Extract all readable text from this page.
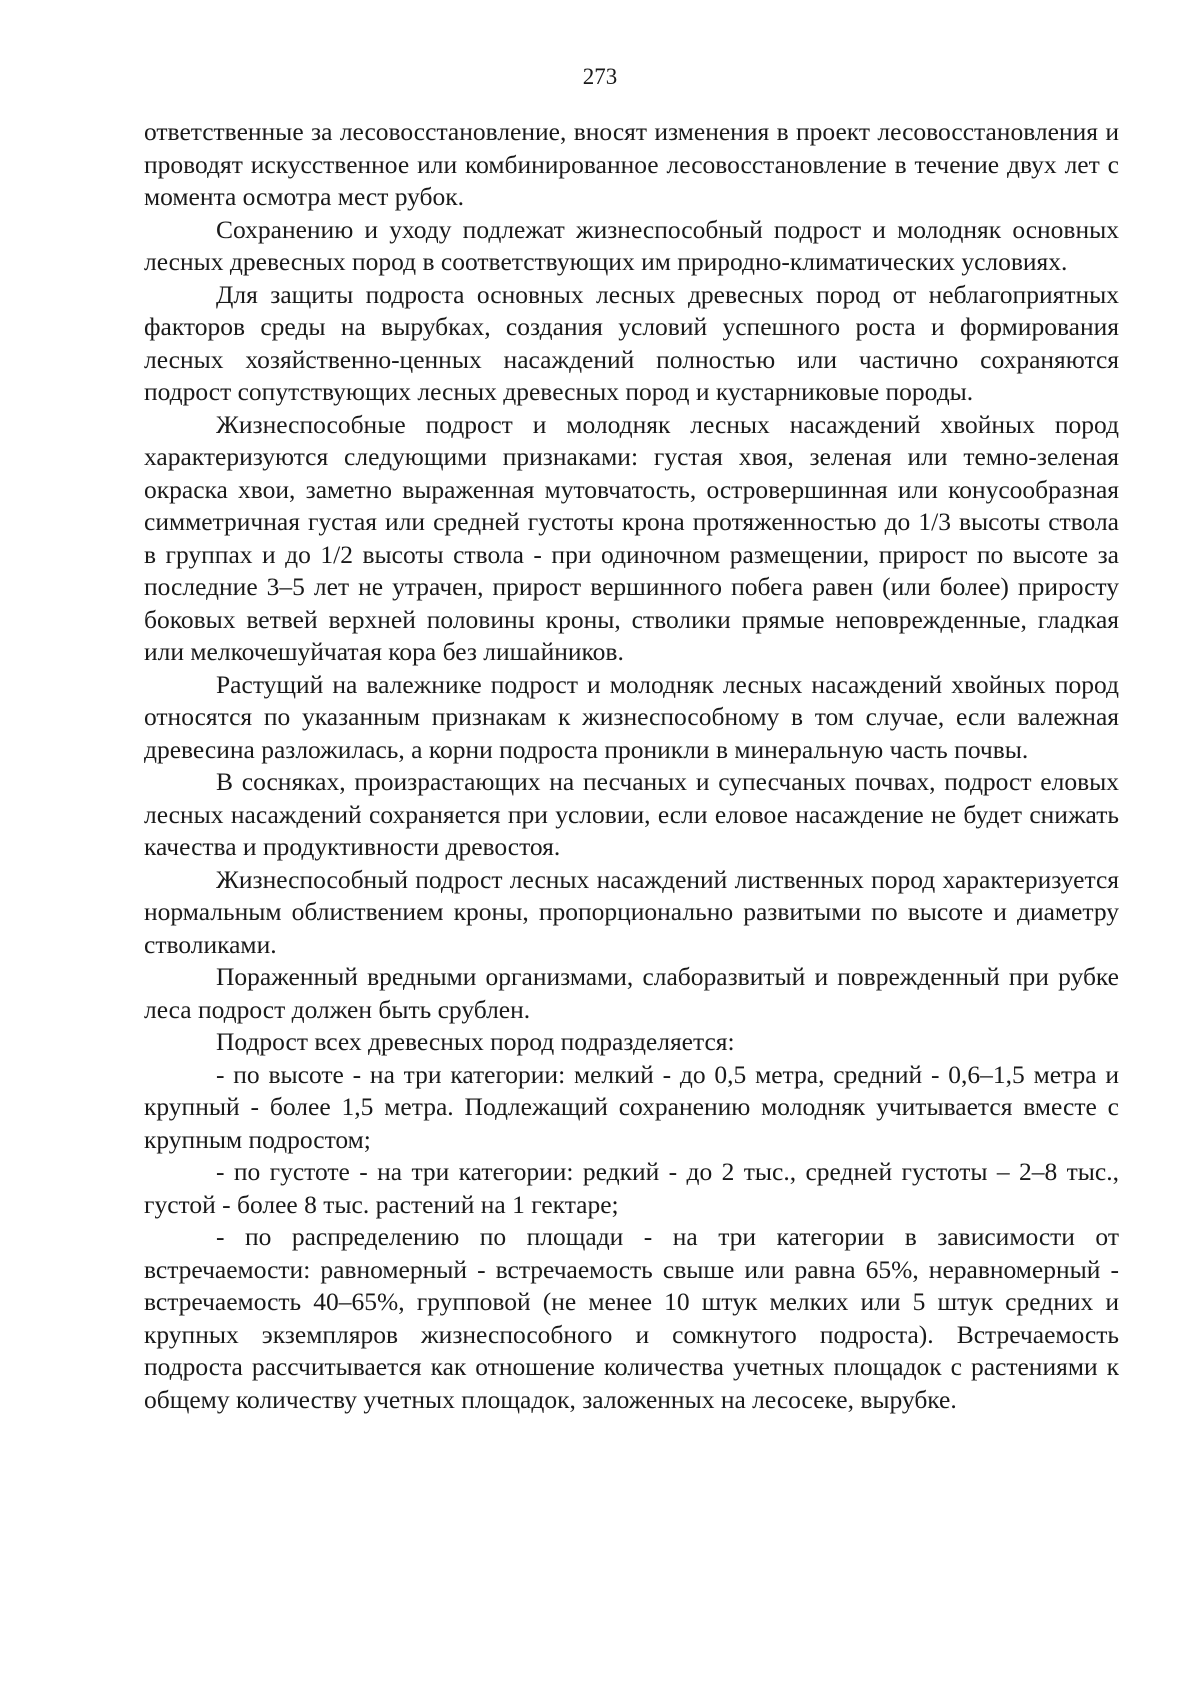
273

ответственные за лесовосстановление, вносят изменения в проект лесовосстановления и проводят искусственное или комбинированное лесовосстановление в течение двух лет с момента осмотра мест рубок.

Сохранению и уходу подлежат жизнеспособный подрост и молодняк основных лесных древесных пород в соответствующих им природно-климатических условиях.

Для защиты подроста основных лесных древесных пород от неблагоприятных факторов среды на вырубках, создания условий успешного роста и формирования лесных хозяйственно-ценных насаждений полностью или частично сохраняются подрост сопутствующих лесных древесных пород и кустарниковые породы.

Жизнеспособные подрост и молодняк лесных насаждений хвойных пород характеризуются следующими признаками: густая хвоя, зеленая или темно-зеленая окраска хвои, заметно выраженная мутовчатость, островершинная или конусообразная симметричная густая или средней густоты крона протяженностью до 1/3 высоты ствола в группах и до 1/2 высоты ствола - при одиночном размещении, прирост по высоте за последние 3–5 лет не утрачен, прирост вершинного побега равен (или более) приросту боковых ветвей верхней половины кроны, стволики прямые неповрежденные, гладкая или мелкочешуйчатая кора без лишайников.

Растущий на валежнике подрост и молодняк лесных насаждений хвойных пород относятся по указанным признакам к жизнеспособному в том случае, если валежная древесина разложилась, а корни подроста проникли в минеральную часть почвы.

В сосняках, произрастающих на песчаных и супесчаных почвах, подрост еловых лесных насаждений сохраняется при условии, если еловое насаждение не будет снижать качества и продуктивности древостоя.

Жизнеспособный подрост лесных насаждений лиственных пород характеризуется нормальным облиствением кроны, пропорционально развитыми по высоте и диаметру стволиками.

Пораженный вредными организмами, слаборазвитый и поврежденный при рубке леса подрост должен быть срублен.

Подрост всех древесных пород подразделяется:

- по высоте - на три категории: мелкий - до 0,5 метра, средний - 0,6–1,5 метра и крупный - более 1,5 метра. Подлежащий сохранению молодняк учитывается вместе с крупным подростом;

- по густоте - на три категории: редкий - до 2 тыс., средней густоты – 2–8 тыс., густой - более 8 тыс. растений на 1 гектаре;

- по распределению по площади - на три категории в зависимости от встречаемости: равномерный - встречаемость свыше или равна 65%, неравномерный - встречаемость 40–65%, групповой (не менее 10 штук мелких или 5 штук средних и крупных экземпляров жизнеспособного и сомкнутого подроста). Встречаемость подроста рассчитывается как отношение количества учетных площадок с растениями к общему количеству учетных площадок, заложенных на лесосеке, вырубке.
